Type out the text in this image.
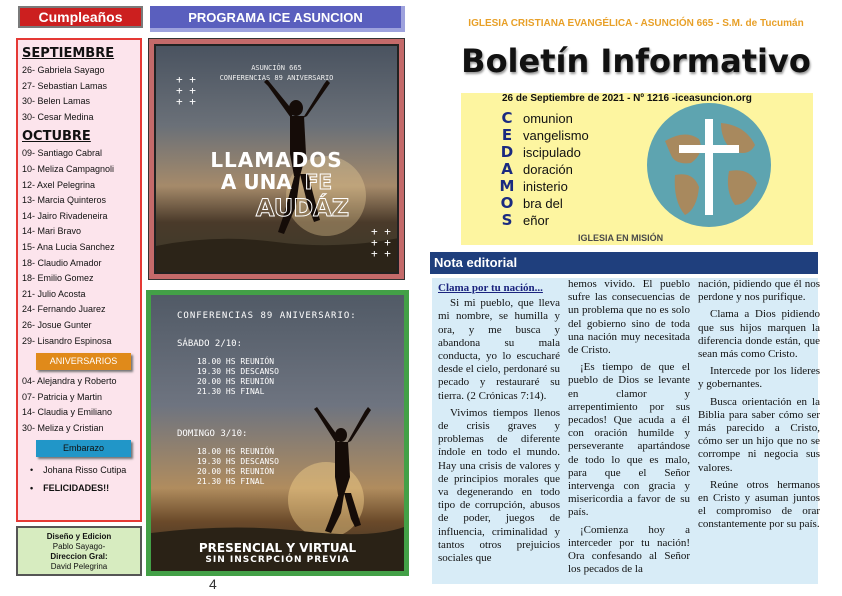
Cumpleaños
SEPTIEMBRE
26- Gabriela Sayago
27- Sebastian Lamas
30- Belen Lamas
30- Cesar Medina
OCTUBRE
09- Santiago Cabral
10- Meliza Campagnoli
12- Axel Pelegrina
13- Marcia Quinteros
14- Jairo Rivadeneira
14- Mari Bravo
15- Ana Lucia Sanchez
18- Claudio Amador
18- Emilio Gomez
21- Julio Acosta
24- Fernando Juarez
26- Josue Gunter
29- Lisandro Espinosa
ANIVERSARIOS
04- Alejandra y Roberto
07- Patricia y Martin
14- Claudia y Emiliano
30- Meliza y Cristian
Embarazo
• Johana Risso Cutipa
• FELICIDADES!!
Diseño y Edicion
Pablo Sayago-
Direccion Gral:
David Pelegrina
4
PROGRAMA ICE ASUNCION
ASUNCIÓN 665
CONFERENCIAS 89 ANIVERSARIO
+ +
+ +
+ +
LLAMADOS
A UNA FE
AUDÁZ
+ +
+ +
+ +
CONFERENCIAS 89 ANIVERSARIO:
SÁBADO 2/10:
18.00 HS REUNIÓN
19.30 HS DESCANSO
20.00 HS REUNIÓN
21.30 HS FINAL
DOMINGO 3/10:
18.00 HS REUNIÓN
19.30 HS DESCANSO
20.00 HS REUNIÓN
21.30 HS FINAL
PRESENCIAL Y VIRTUAL
SIN INSCRPCIÓN PREVIA
IGLESIA CRISTIANA EVANGÉLICA - ASUNCIÓN 665 - S.M. de Tucumán
Boletín Informativo
26 de Septiembre de 2021 - Nº 1216 -iceasuncion.org
C omunion
E vangelismo
D iscipulado
A doración
M inisterio
O bra del
S eñor
IGLESIA EN MISIÓN
Nota editorial

Clama por tu nación...

Si mi pueblo, que lleva mi nombre, se humilla y ora, y me busca y abandona su mala conducta, yo lo escucharé desde el cielo, perdonaré su pecado y restauraré su tierra. (2 Crónicas 7:14).

Vivimos tiempos llenos de crisis graves y problemas de diferente índole en todo el mundo. Hay una crisis de valores y de principios morales que va degenerando en todo tipo de corrupción, abusos de poder, juegos de influencia, criminalidad y tantos otros prejuicios sociales que

hemos vivido. El pueblo sufre las consecuencias de un problema que no es solo del gobierno sino de toda una nación muy necesitada de Cristo.

¡Es tiempo de que el pueblo de Dios se levante en clamor y arrepentimiento por sus pecados! Que acuda a él con oración humilde y perseverante apartándose de todo lo que es malo, para que el Señor intervenga con gracia y misericordia a favor de su país.

¡Comienza hoy a interceder por tu nación! Ora confesando al Señor los pecados de la

nación, pidiendo que él nos perdone y nos purifique.

Clama a Dios pidiendo que sus hijos marquen la diferencia donde están, que sean más como Cristo.

Intercede por los líderes y gobernantes.

Busca orientación en la Biblia para saber cómo ser más parecido a Cristo, cómo ser un hijo que no se corrompe ni negocia sus valores.

Reúne otros hermanos en Cristo y asuman juntos el compromiso de orar constantemente por su país.
